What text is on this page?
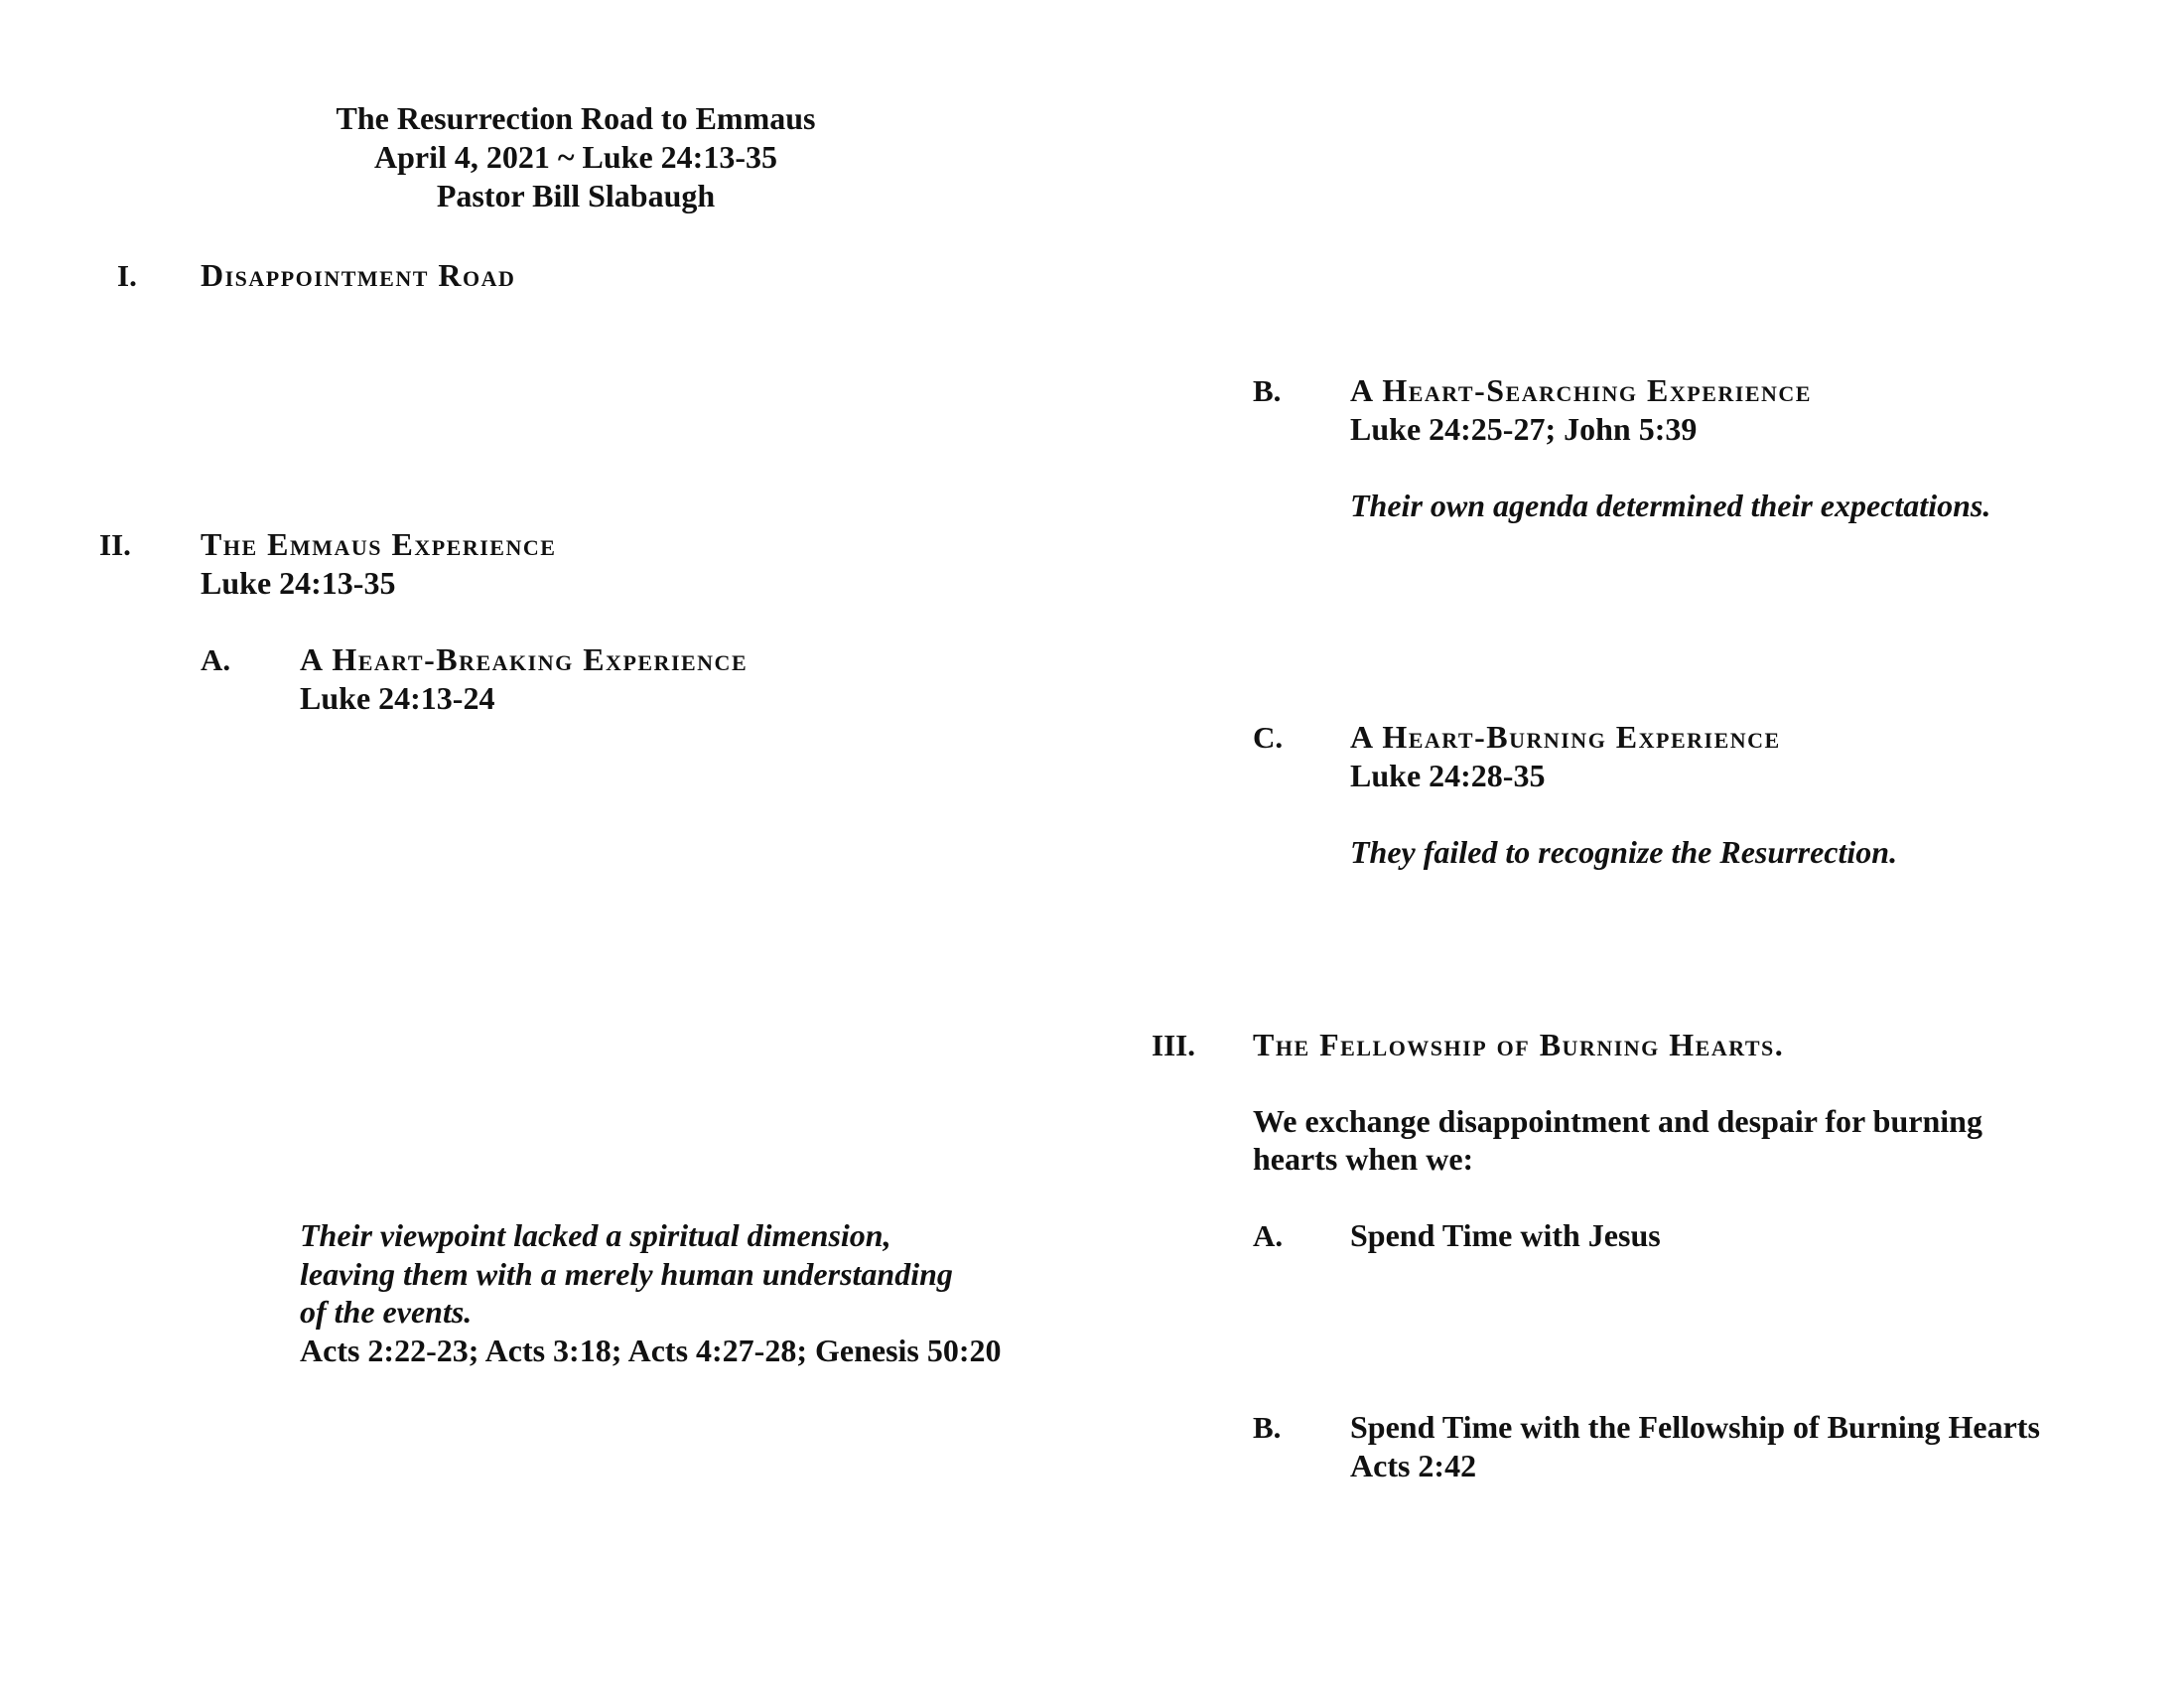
The Resurrection Road to Emmaus
April 4, 2021 ~ Luke 24:13-35
Pastor Bill Slabaugh
I. Disappointment Road
II. The Emmaus Experience
Luke 24:13-35
A. A Heart-Breaking Experience
Luke 24:13-24
Their viewpoint lacked a spiritual dimension,
leaving them with a merely human understanding
of the events.
Acts 2:22-23; Acts 3:18; Acts 4:27-28; Genesis 50:20
B. A Heart-Searching Experience
Luke 24:25-27; John 5:39
Their own agenda determined their expectations.
C. A Heart-Burning Experience
Luke 24:28-35
They failed to recognize the Resurrection.
III. The Fellowship of Burning Hearts.
We exchange disappointment and despair for burning
hearts when we:
A. Spend Time with Jesus
B. Spend Time with the Fellowship of Burning Hearts
Acts 2:42
